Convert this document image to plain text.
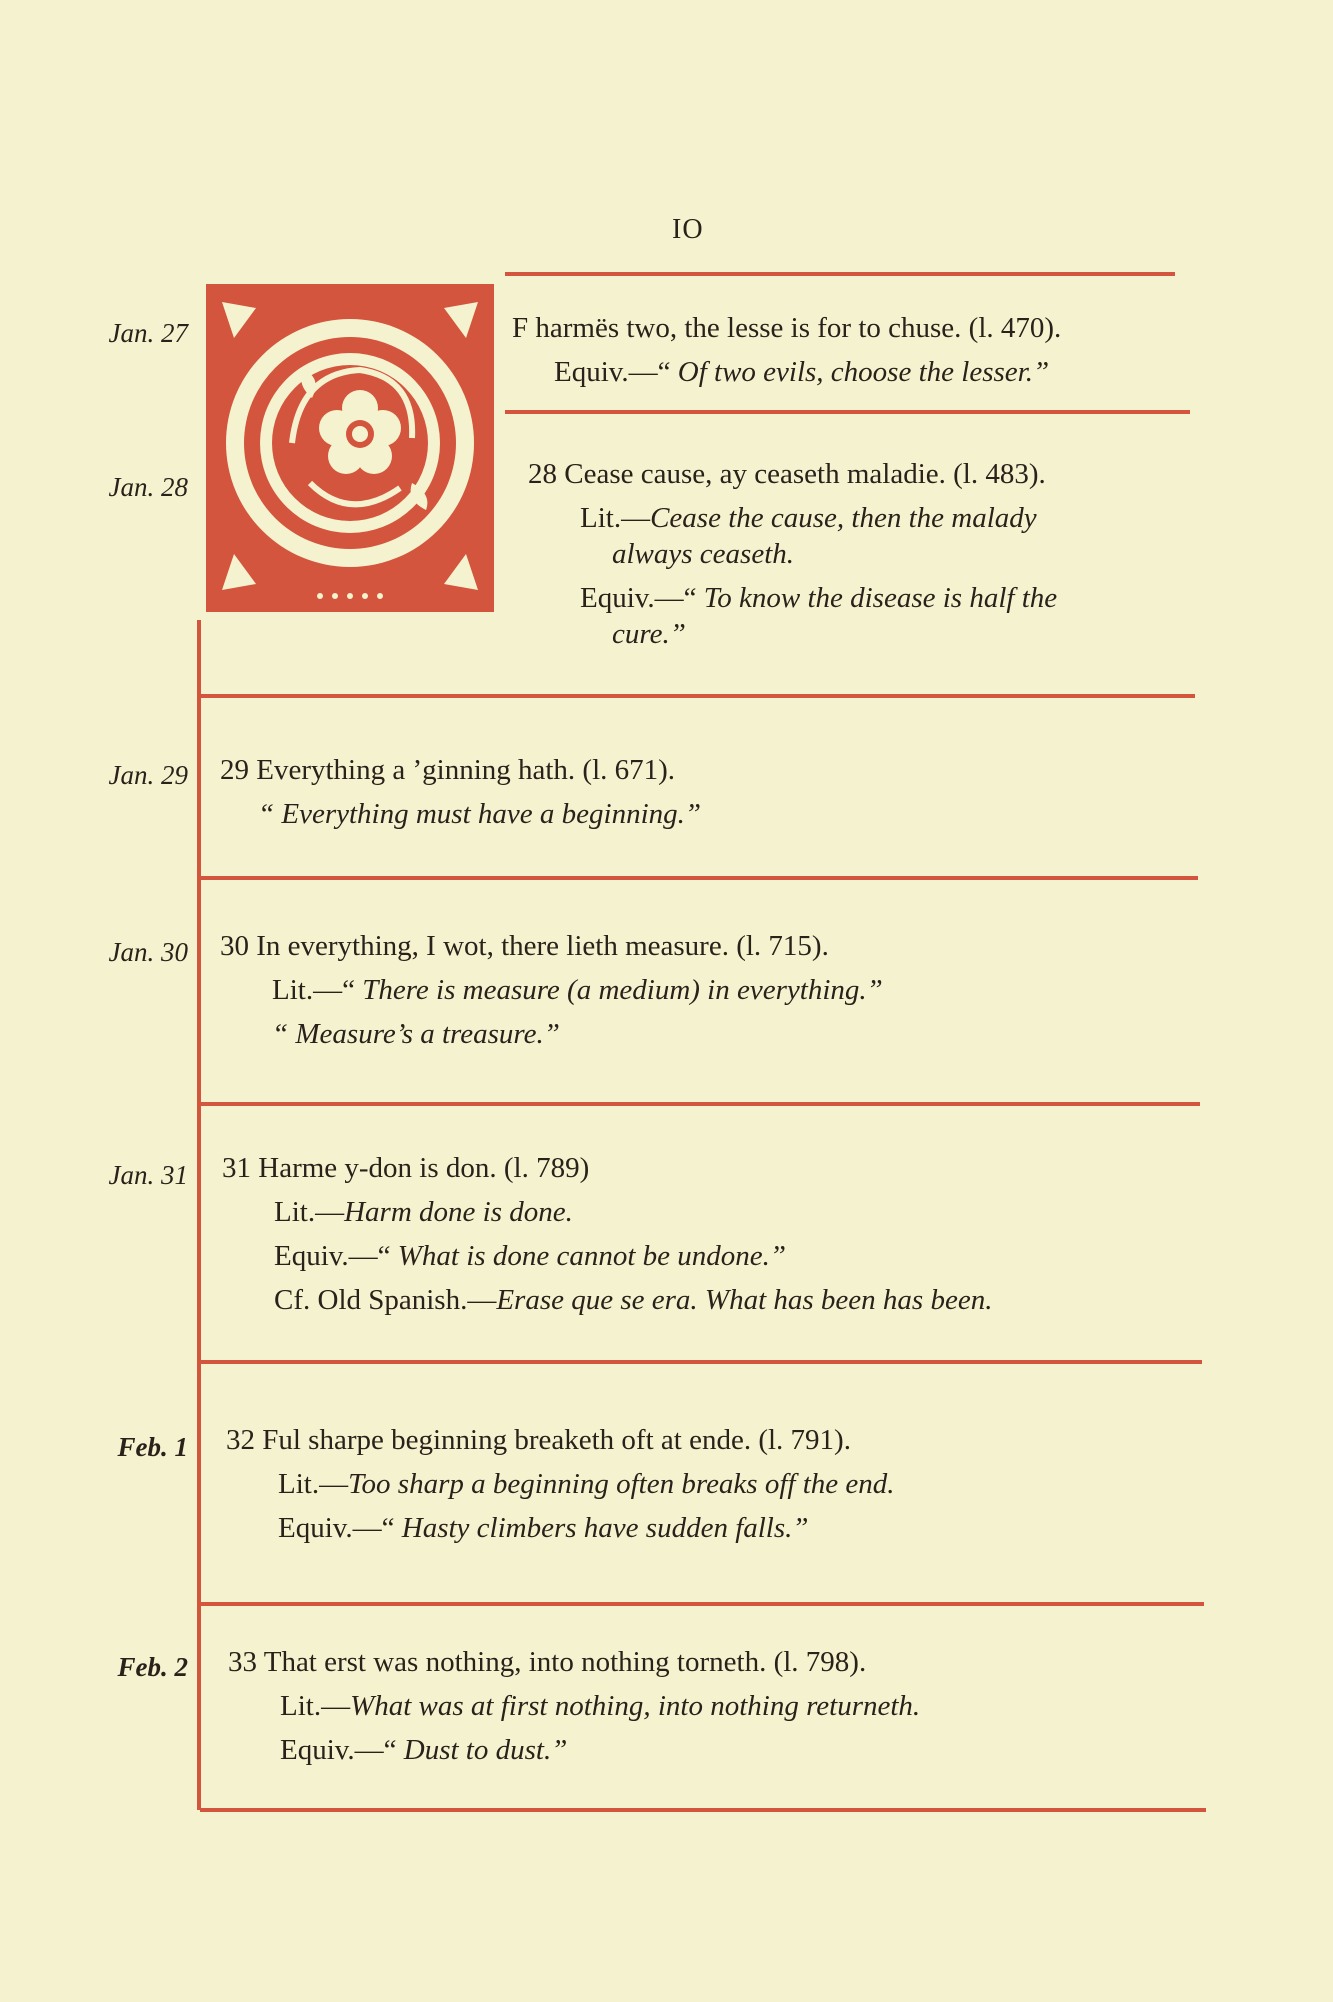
IO
Jan. 27
Jan. 28
Jan. 29
Jan. 30
Jan. 31
Feb. 1
Feb. 2
F harmës two, the lesse is for to chuse. (l. 470).
Equiv.—“ Of two evils, choose the lesser.”
28 Cease cause, ay ceaseth maladie. (l. 483).
Lit.—Cease the cause, then the malady
always ceaseth.
Equiv.—“ To know the disease is half the
cure.”
29 Everything a ’ginning hath. (l. 671).
“ Everything must have a beginning.”
30 In everything, I wot, there lieth measure. (l. 715).
Lit.—“ There is measure (a medium) in everything.”
“ Measure’s a treasure.”
31 Harme y-don is don. (l. 789)
Lit.—Harm done is done.
Equiv.—“ What is done cannot be undone.”
Cf. Old Spanish.—Erase que se era. What has been has been.
32 Ful sharpe beginning breaketh oft at ende. (l. 791).
Lit.—Too sharp a beginning often breaks off the end.
Equiv.—“ Hasty climbers have sudden falls.”
33 That erst was nothing, into nothing torneth. (l. 798).
Lit.—What was at first nothing, into nothing returneth.
Equiv.—“ Dust to dust.”
